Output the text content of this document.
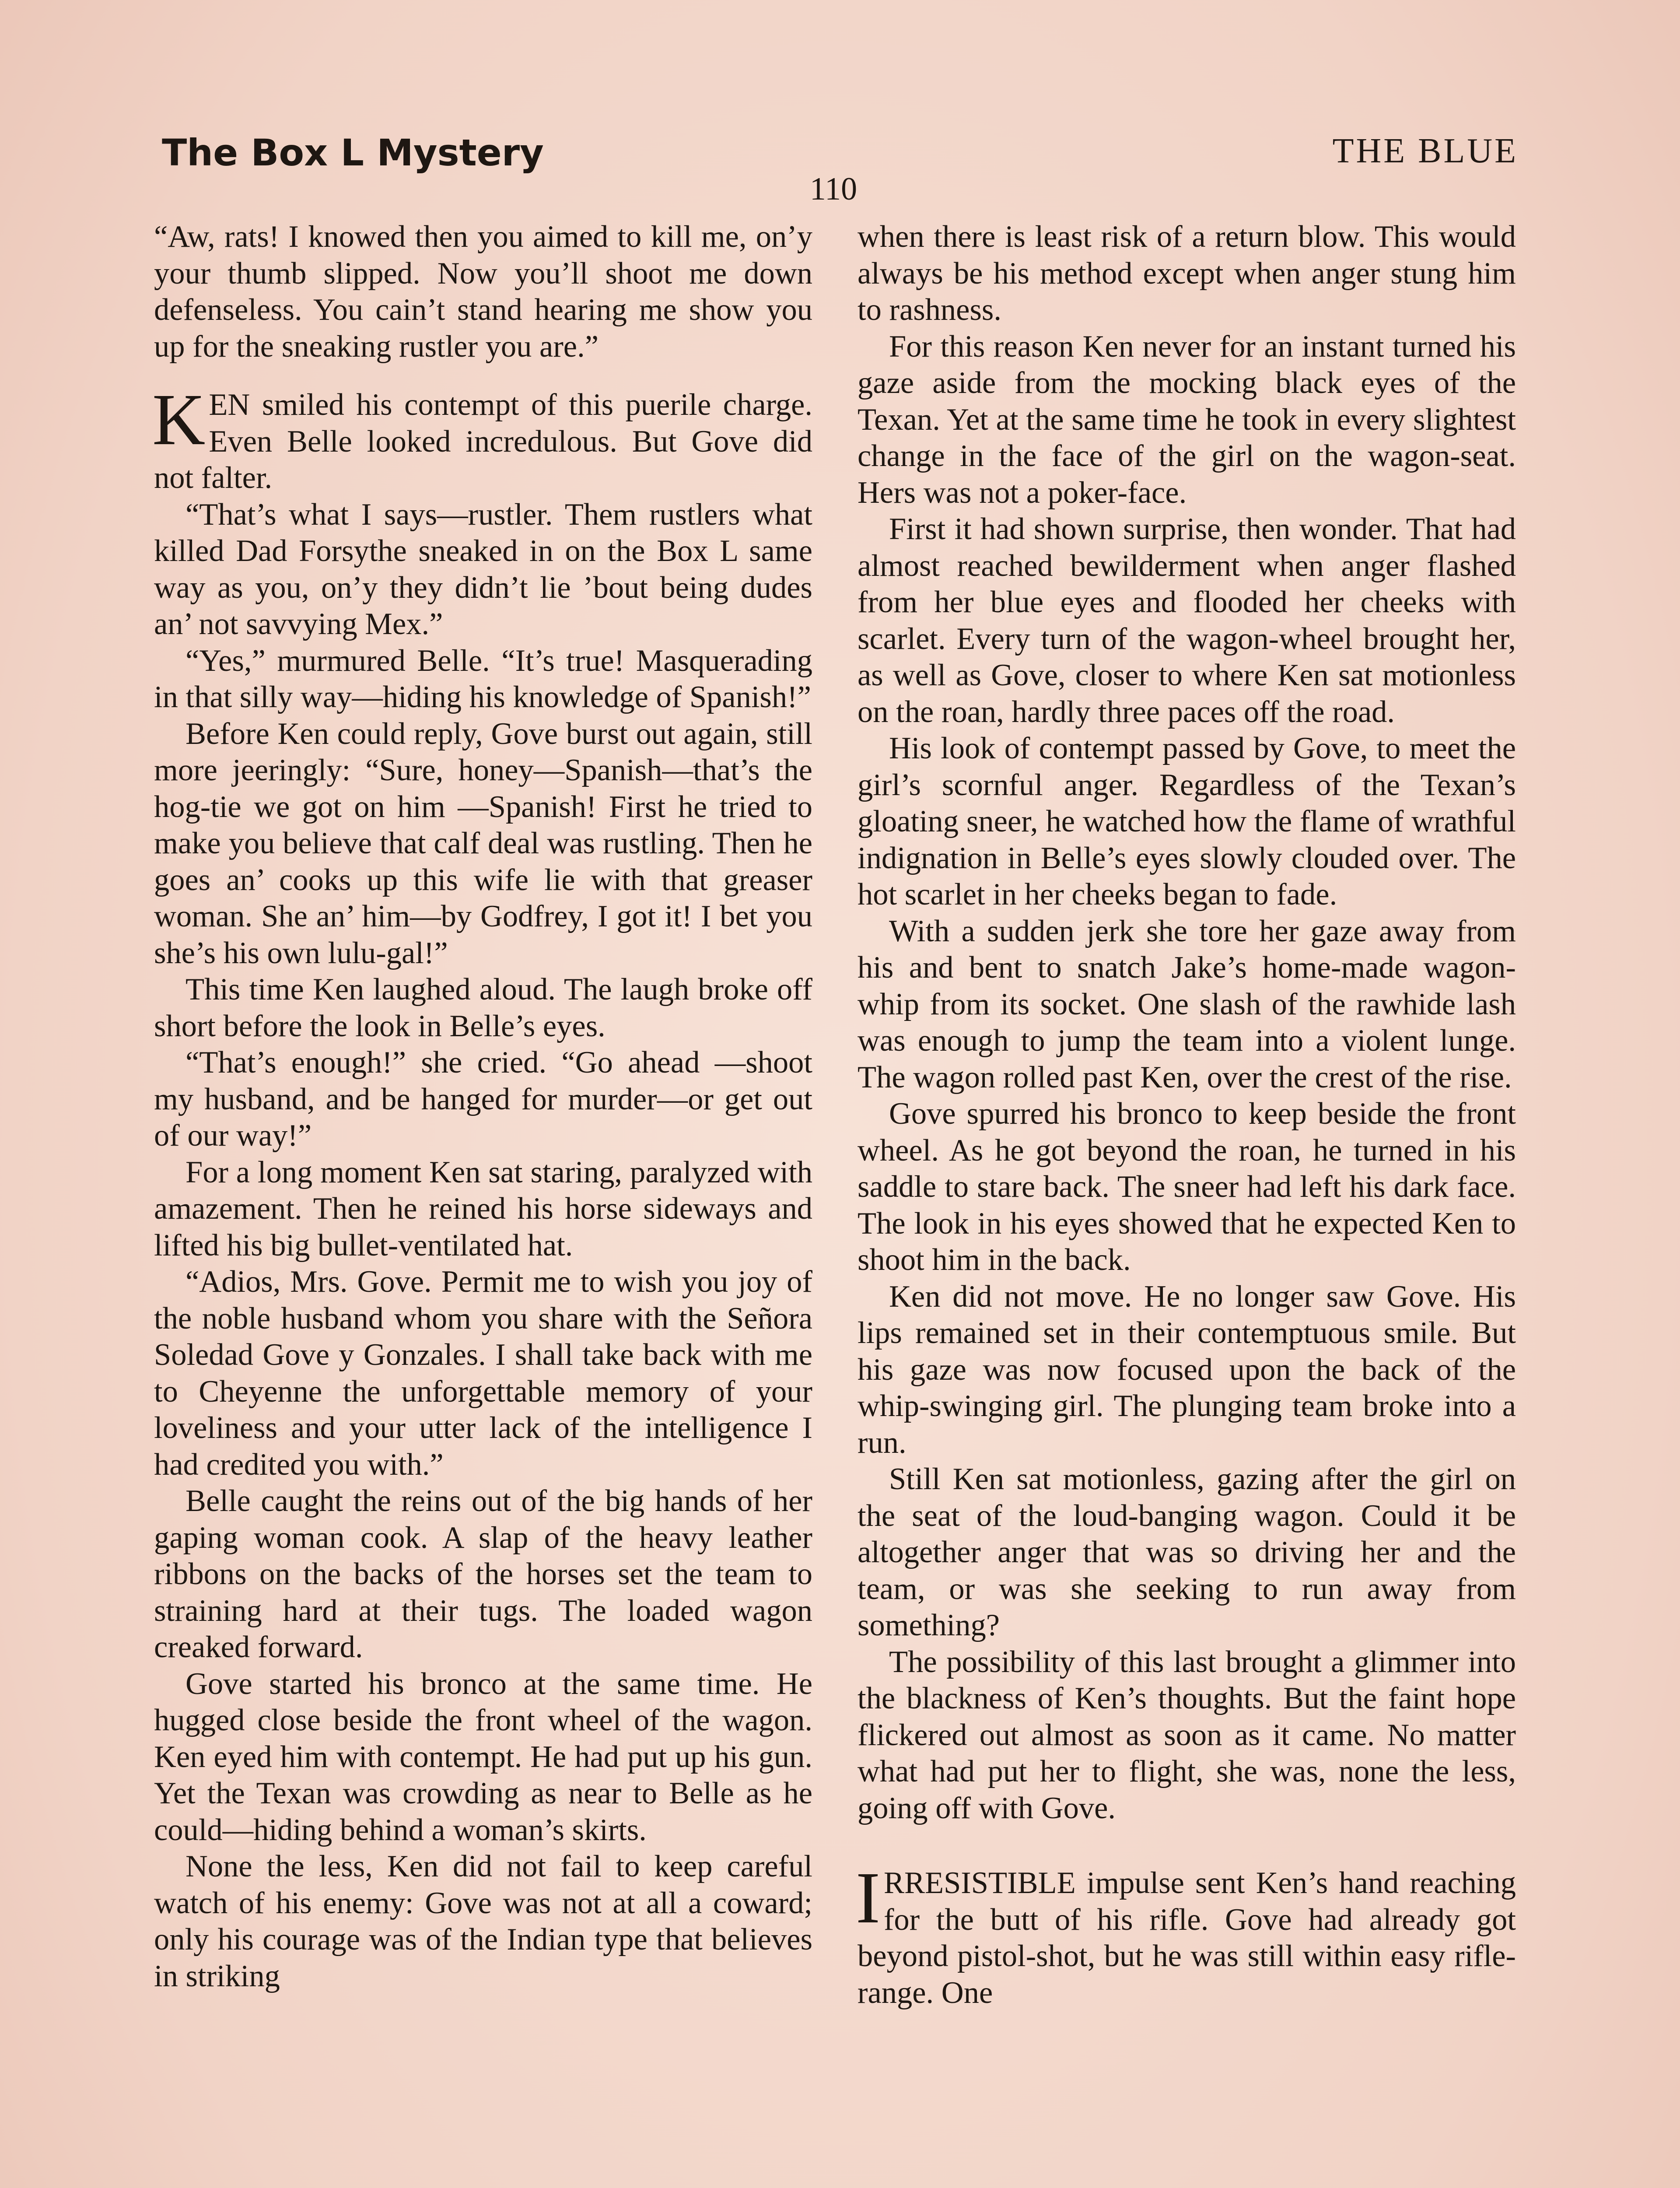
The Box L Mystery	THE BLUE
110

“Aw, rats! I knowed then you aimed to kill me, on’y your thumb slipped. Now you’ll shoot me down defenseless. You cain’t stand hearing me show you up for the sneaking rustler you are.”

KEN smiled his contempt of this puerile charge. Even Belle looked incredulous. But Gove did not falter.

“That’s what I says—rustler. Them rustlers what killed Dad Forsythe sneaked in on the Box L same way as you, on’y they didn’t lie ’bout being dudes an’ not savvying Mex.”

“Yes,” murmured Belle. “It’s true! Masquerading in that silly way—hiding his knowledge of Spanish!”

Before Ken could reply, Gove burst out again, still more jeeringly: “Sure, honey—Spanish—that’s the hog-tie we got on him —Spanish! First he tried to make you believe that calf deal was rustling. Then he goes an’ cooks up this wife lie with that greaser woman. She an’ him—by Godfrey, I got it! I bet you she’s his own lulu-gal!”

This time Ken laughed aloud. The laugh broke off short before the look in Belle’s eyes.

“That’s enough!” she cried. “Go ahead —shoot my husband, and be hanged for murder—or get out of our way!”

For a long moment Ken sat staring, paralyzed with amazement. Then he reined his horse sideways and lifted his big bullet-ventilated hat.

“Adios, Mrs. Gove. Permit me to wish you joy of the noble husband whom you share with the Señora Soledad Gove y Gonzales. I shall take back with me to Cheyenne the unforgettable memory of your loveliness and your utter lack of the intelligence I had credited you with.”

Belle caught the reins out of the big hands of her gaping woman cook. A slap of the heavy leather ribbons on the backs of the horses set the team to straining hard at their tugs. The loaded wagon creaked forward.

Gove started his bronco at the same time. He hugged close beside the front wheel of the wagon. Ken eyed him with contempt. He had put up his gun. Yet the Texan was crowding as near to Belle as he could—hiding behind a woman’s skirts.

None the less, Ken did not fail to keep careful watch of his enemy: Gove was not at all a coward; only his courage was of the Indian type that believes in striking

when there is least risk of a return blow. This would always be his method except when anger stung him to rashness.

For this reason Ken never for an instant turned his gaze aside from the mocking black eyes of the Texan. Yet at the same time he took in every slightest change in the face of the girl on the wagon-seat. Hers was not a poker-face.

First it had shown surprise, then wonder. That had almost reached bewilderment when anger flashed from her blue eyes and flooded her cheeks with scarlet. Every turn of the wagon-wheel brought her, as well as Gove, closer to where Ken sat motionless on the roan, hardly three paces off the road.

His look of contempt passed by Gove, to meet the girl’s scornful anger. Regardless of the Texan’s gloating sneer, he watched how the flame of wrathful indignation in Belle’s eyes slowly clouded over. The hot scarlet in her cheeks began to fade.

With a sudden jerk she tore her gaze away from his and bent to snatch Jake’s home-made wagon-whip from its socket. One slash of the rawhide lash was enough to jump the team into a violent lunge. The wagon rolled past Ken, over the crest of the rise.

Gove spurred his bronco to keep beside the front wheel. As he got beyond the roan, he turned in his saddle to stare back. The sneer had left his dark face. The look in his eyes showed that he expected Ken to shoot him in the back.

Ken did not move. He no longer saw Gove. His lips remained set in their contemptuous smile. But his gaze was now focused upon the back of the whip-swinging girl. The plunging team broke into a run.

Still Ken sat motionless, gazing after the girl on the seat of the loud-banging wagon. Could it be altogether anger that was so driving her and the team, or was she seeking to run away from something?

The possibility of this last brought a glimmer into the blackness of Ken’s thoughts. But the faint hope flickered out almost as soon as it came. No matter what had put her to flight, she was, none the less, going off with Gove.

IRRESISTIBLE impulse sent Ken’s hand reaching for the butt of his rifle. Gove had already got beyond pistol-shot, but he was still within easy rifle-range. One
